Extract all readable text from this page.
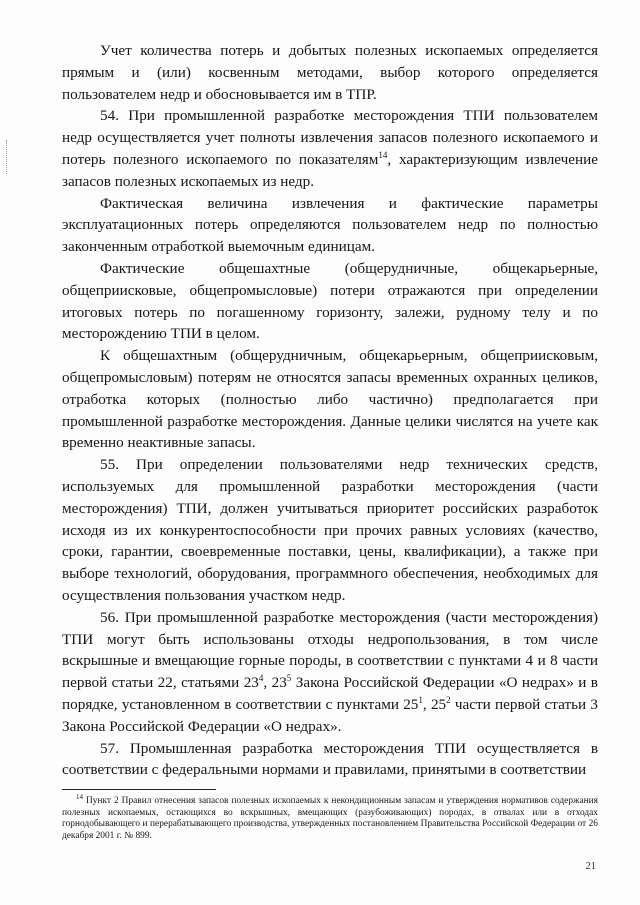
Учет количества потерь и добытых полезных ископаемых определяется прямым и (или) косвенным методами, выбор которого определяется пользователем недр и обосновывается им в ТПР.

54. При промышленной разработке месторождения ТПИ пользователем недр осуществляется учет полноты извлечения запасов полезного ископаемого и потерь полезного ископаемого по показателям$^{14}$, характеризующим извлечение запасов полезных ископаемых из недр.

Фактическая величина извлечения и фактические параметры эксплуатационных потерь определяются пользователем недр по полностью законченным отработкой выемочным единицам.

Фактические общешахтные (общерудничные, общекарьерные, общеприисковые, общепромысловые) потери отражаются при определении итоговых потерь по погашенному горизонту, залежи, рудному телу и по месторождению ТПИ в целом.

К общешахтным (общерудничным, общекарьерным, общеприисковым, общепромысловым) потерям не относятся запасы временных охранных целиков, отработка которых (полностью либо частично) предполагается при промышленной разработке месторождения. Данные целики числятся на учете как временно неактивные запасы.

55. При определении пользователями недр технических средств, используемых для промышленной разработки месторождения (части месторождения) ТПИ, должен учитываться приоритет российских разработок исходя из их конкурентоспособности при прочих равных условиях (качество, сроки, гарантии, своевременные поставки, цены, квалификации), а также при выборе технологий, оборудования, программного обеспечения, необходимых для осуществления пользования участком недр.

56. При промышленной разработке месторождения (части месторождения) ТПИ могут быть использованы отходы недропользования, в том числе вскрышные и вмещающие горные породы, в соответствии с пунктами 4 и 8 части первой статьи 22, статьями $23^4$, $23^5$ Закона Российской Федерации «О недрах» и в порядке, установленном в соответствии с пунктами $25^1$, $25^2$ части первой статьи 3 Закона Российской Федерации «О недрах».

57. Промышленная разработка месторождения ТПИ осуществляется в соответствии с федеральными нормами и правилами, принятыми в соответствии

$^{14}$ Пункт 2 Правил отнесения запасов полезных ископаемых к некондиционным запасам и утверждения нормативов содержания полезных ископаемых, остающихся во вскрышных, вмещающих (разубоживающих) породах, в отвалах или в отходах горнодобывающего и перерабатывающего производства, утвержденных постановлением Правительства Российской Федерации от 26 декабря 2001 г. № 899.
21
